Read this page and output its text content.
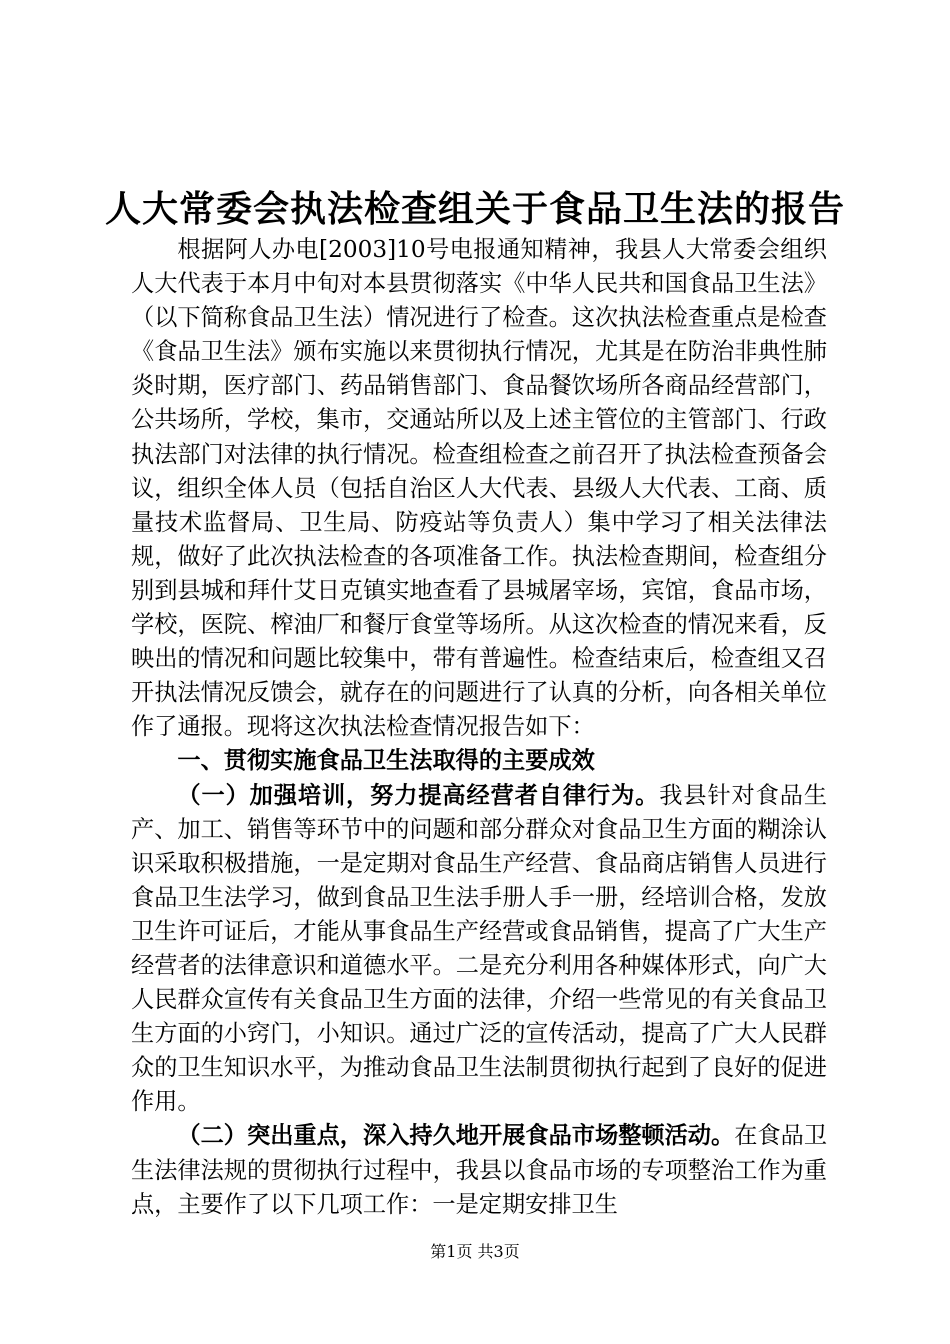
人大常委会执法检查组关于食品卫生法的报告

根据阿人办电[2003]10号电报通知精神，我县人大常委会组织人大代表于本月中旬对本县贯彻落实《中华人民共和国食品卫生法》（以下简称食品卫生法）情况进行了检查。这次执法检查重点是检查《食品卫生法》颁布实施以来贯彻执行情况，尤其是在防治非典性肺炎时期，医疗部门、药品销售部门、食品餐饮场所各商品经营部门，公共场所，学校，集市，交通站所以及上述主管位的主管部门、行政执法部门对法律的执行情况。检查组检查之前召开了执法检查预备会议，组织全体人员（包括自治区人大代表、县级人大代表、工商、质量技术监督局、卫生局、防疫站等负责人）集中学习了相关法律法规，做好了此次执法检查的各项准备工作。执法检查期间，检查组分别到县城和拜什艾日克镇实地查看了县城屠宰场，宾馆，食品市场，学校，医院、榨油厂和餐厅食堂等场所。从这次检查的情况来看，反映出的情况和问题比较集中，带有普遍性。检查结束后，检查组又召开执法情况反馈会，就存在的问题进行了认真的分析，向各相关单位作了通报。现将这次执法检查情况报告如下：

一、贯彻实施食品卫生法取得的主要成效

（一）加强培训，努力提高经营者自律行为。我县针对食品生产、加工、销售等环节中的问题和部分群众对食品卫生方面的糊涂认识采取积极措施，一是定期对食品生产经营、食品商店销售人员进行食品卫生法学习，做到食品卫生法手册人手一册，经培训合格，发放卫生许可证后，才能从事食品生产经营或食品销售，提高了广大生产经营者的法律意识和道德水平。二是充分利用各种媒体形式，向广大人民群众宣传有关食品卫生方面的法律，介绍一些常见的有关食品卫生方面的小窍门，小知识。通过广泛的宣传活动，提高了广大人民群众的卫生知识水平，为推动食品卫生法制贯彻执行起到了良好的促进作用。

（二）突出重点，深入持久地开展食品市场整顿活动。在食品卫生法律法规的贯彻执行过程中，我县以食品市场的专项整治工作为重点，主要作了以下几项工作：一是定期安排卫生

第1页 共3页
